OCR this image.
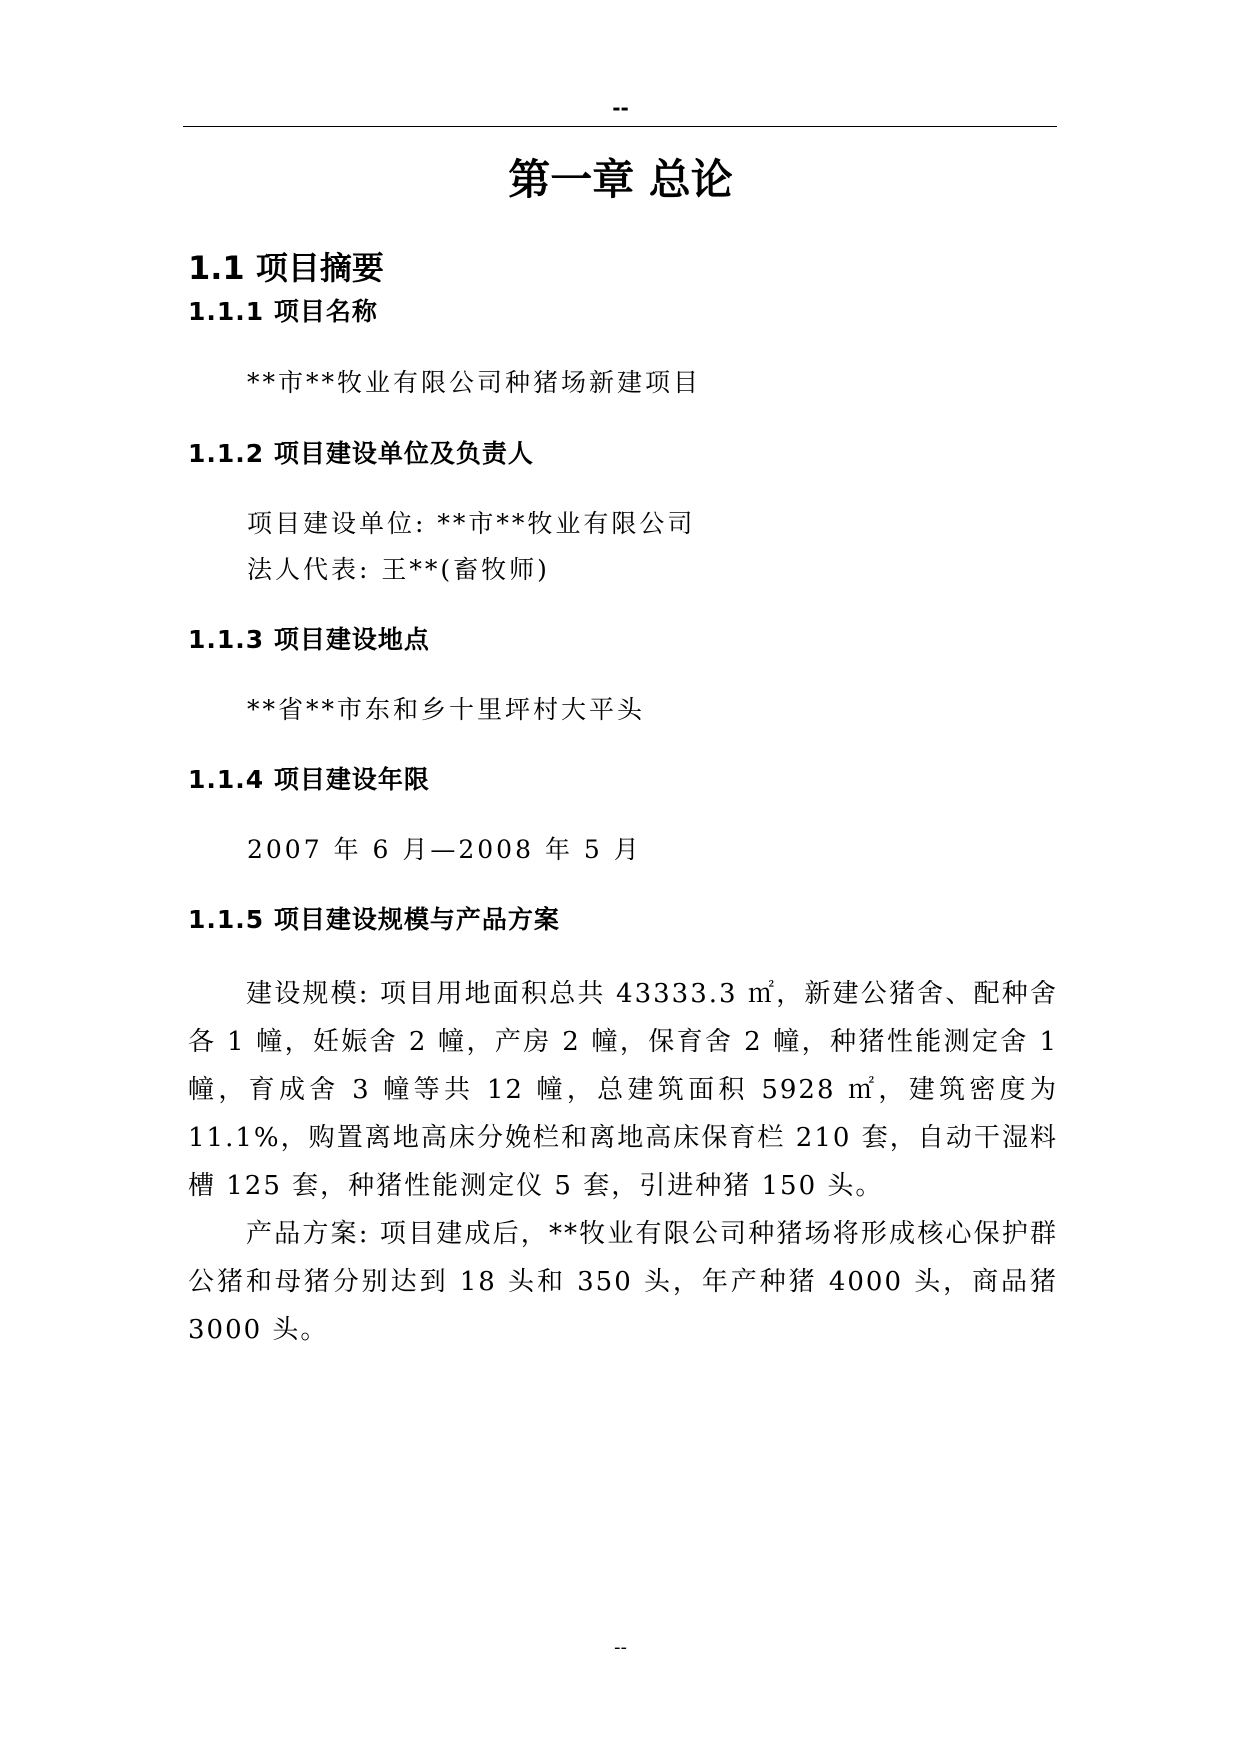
--
第一章 总论
1.1 项目摘要
1.1.1 项目名称
**市**牧业有限公司种猪场新建项目
1.1.2 项目建设单位及负责人
项目建设单位: **市**牧业有限公司
法人代表: 王**(畜牧师)
1.1.3 项目建设地点
**省**市东和乡十里坪村大平头
1.1.4 项目建设年限
2007 年 6 月—2008 年 5 月
1.1.5 项目建设规模与产品方案
建设规模: 项目用地面积总共 43333.3 ㎡，新建公猪舍、配种舍各 1 幢，妊娠舍 2 幢，产房 2 幢，保育舍 2 幢，种猪性能测定舍 1 幢，育成舍 3 幢等共 12 幢，总建筑面积 5928 ㎡，建筑密度为 11.1%，购置离地高床分娩栏和离地高床保育栏 210 套，自动干湿料槽 125 套，种猪性能测定仪 5 套，引进种猪 150 头。
产品方案: 项目建成后，**牧业有限公司种猪场将形成核心保护群公猪和母猪分别达到 18 头和 350 头，年产种猪 4000 头，商品猪 3000 头。
--
